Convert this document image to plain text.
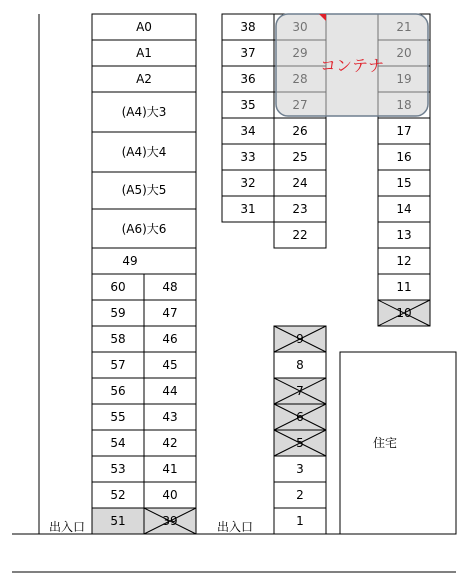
A0
A1
A2
(A4)大3
(A4)大4
(A5)大5
(A6)大6
49
60
59
58
57
56
55
54
53
52
51
48
47
46
45
44
43
42
41
40
39
38
37
36
35
34
33
32
31
26
25
24
23
22
9
8
7
6
5
3
2
1
17
16
15
14
13
12
11
10
コンテナ
住宅
出入口	出入口
